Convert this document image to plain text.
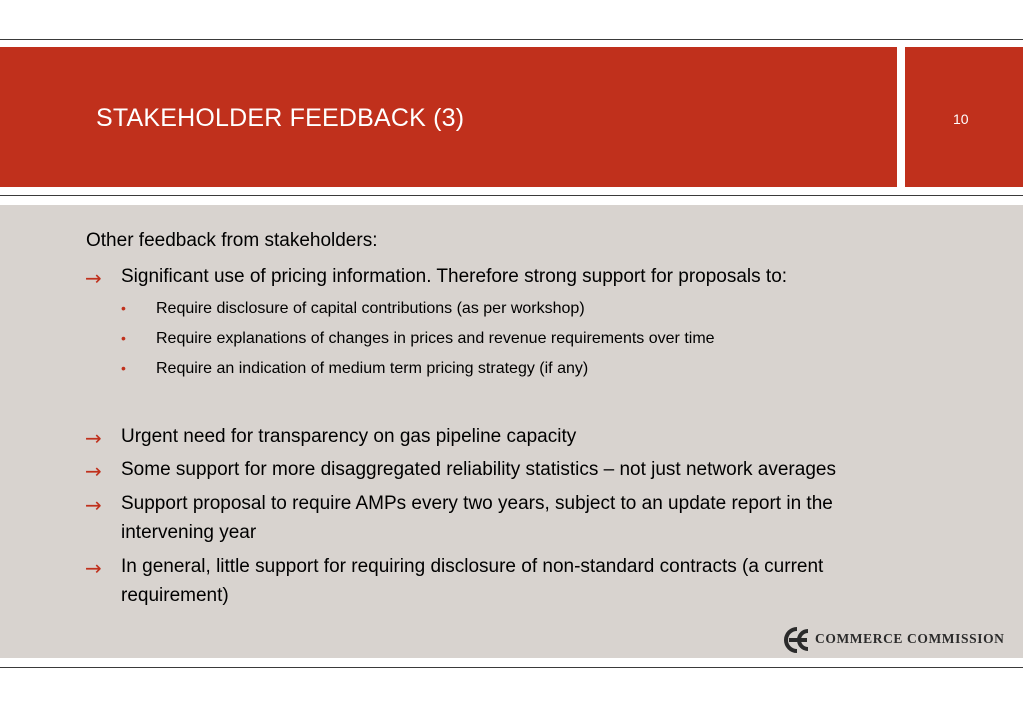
STAKEHOLDER FEEDBACK (3)	10
Other feedback from stakeholders:
→ Significant use of pricing information. Therefore strong support for proposals to:
• Require disclosure of capital contributions (as per workshop)
• Require explanations of changes in prices and revenue requirements over time
• Require an indication of medium term pricing strategy (if any)
→ Urgent need for transparency on gas pipeline capacity
→ Some support for more disaggregated reliability statistics – not just network averages
→ Support proposal to require AMPs every two years, subject to an update report in the
intervening year
→ In general, little support for requiring disclosure of non-standard contracts (a current
requirement)
COMMERCE COMMISSION
